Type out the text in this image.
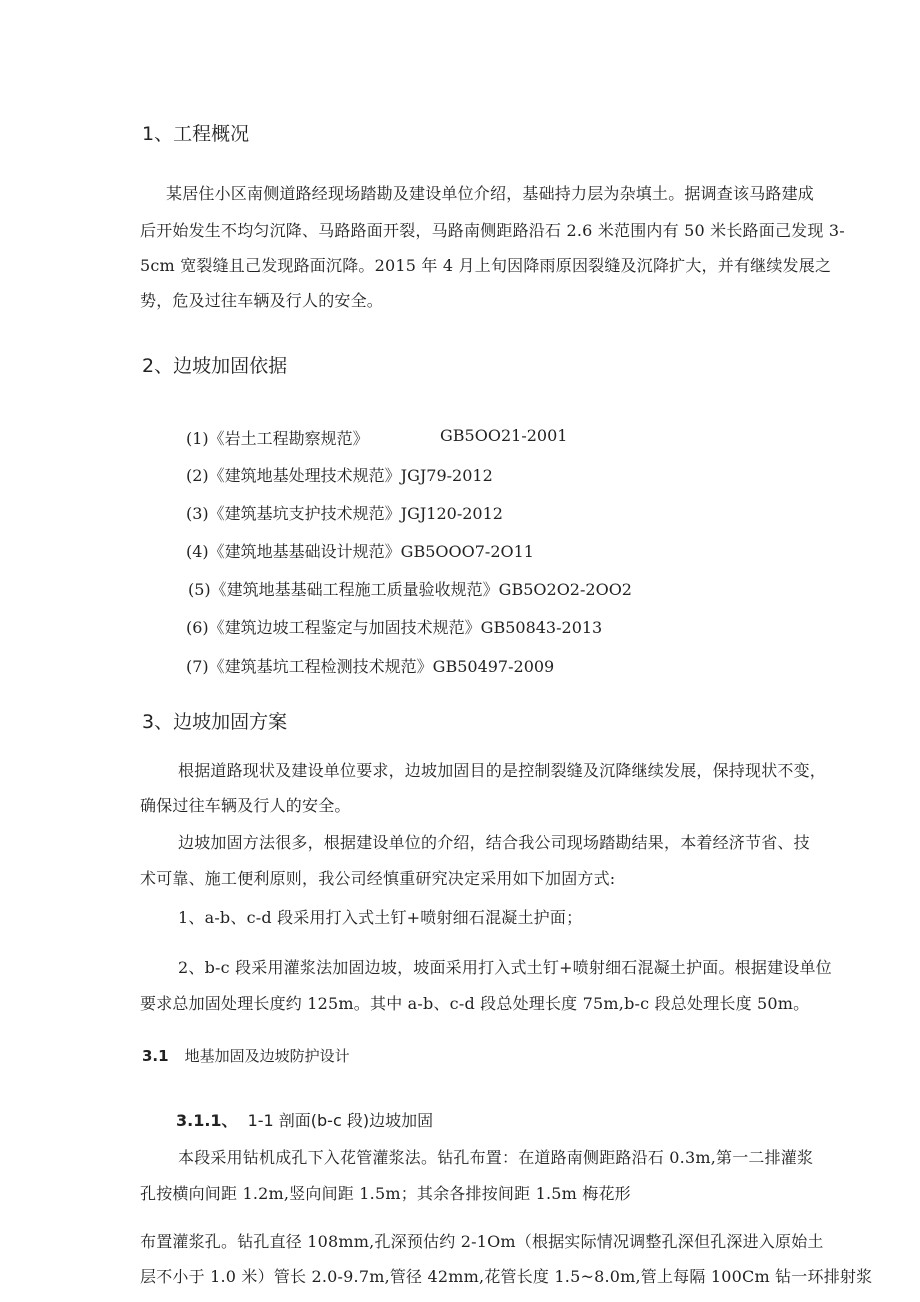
1、工程概况
某居住小区南侧道路经现场踏勘及建设单位介绍，基础持力层为杂填土。据调查该马路建成
后开始发生不均匀沉降、马路路面开裂，马路南侧距路沿石 2.6 米范围内有 50 米长路面己发现 3-
5cm 宽裂缝且己发现路面沉降。2015 年 4 月上旬因降雨原因裂缝及沉降扩大，并有继续发展之
势，危及过往车辆及行人的安全。
2、边坡加固依据
(1)《岩土工程勘察规范》	GB5OO21-2001
(2)《建筑地基处理技术规范》JGJ79-2012
(3)《建筑基坑支护技术规范》JGJ120-2012
(4)《建筑地基基础设计规范》GB5OOO7-2O11
(5)《建筑地基基础工程施工质量验收规范》GB5O2O2-2OO2
(6)《建筑边坡工程鉴定与加固技术规范》GB50843-2013
(7)《建筑基坑工程检测技术规范》GB50497-2009
3、边坡加固方案
根据道路现状及建设单位要求，边坡加固目的是控制裂缝及沉降继续发展，保持现状不变，
确保过往车辆及行人的安全。
边坡加固方法很多，根据建设单位的介绍，结合我公司现场踏勘结果，本着经济节省、技
术可靠、施工便利原则，我公司经慎重研究决定采用如下加固方式:
1、a-b、c-d 段采用打入式土钉+喷射细石混凝土护面；
2、b-c 段采用灌浆法加固边坡，坡面采用打入式土钉+喷射细石混凝土护面。根据建设单位
要求总加固处理长度约 125m。其中 a-b、c-d 段总处理长度 75m,b-c 段总处理长度 50m。
3.1 地基加固及边坡防护设计
3.1.1、 1-1 剖面(b-c 段)边坡加固
本段采用钻机成孔下入花管灌浆法。钻孔布置：在道路南侧距路沿石 0.3m,第一二排灌浆
孔按横向间距 1.2m,竖向间距 1.5m；其余各排按间距 1.5m 梅花形
布置灌浆孔。钻孔直径 108mm,孔深预估约 2-1Om（根据实际情况调整孔深但孔深进入原始土
层不小于 1.0 米）管长 2.0-9.7m,管径 42mm,花管长度 1.5~8.0m,管上每隔 100Cm 钻一环排射浆
